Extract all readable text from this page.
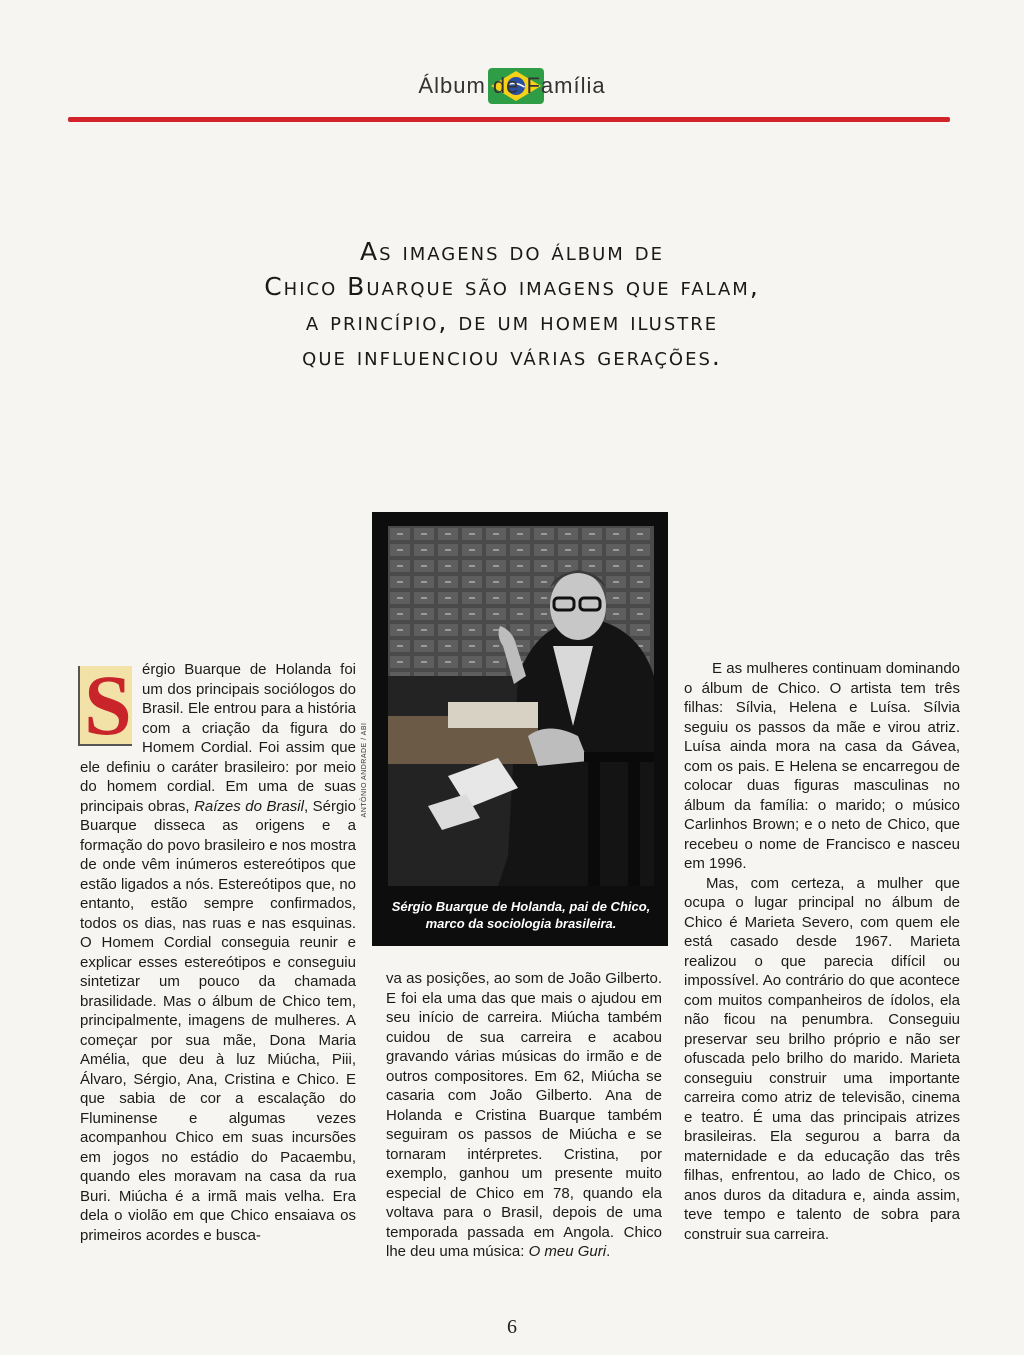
Álbum de Família
As imagens do álbum de
Chico Buarque são imagens que falam,
a princípio, de um homem ilustre
que influenciou várias gerações.
ANTÔNIO ANDRADE / ABI
Sérgio Buarque de Holanda, pai de Chico, marco da sociologia brasileira.

S érgio Buarque de Holanda foi um dos principais sociólogos do Brasil. Ele entrou para a história com a criação da figura do Homem Cordial. Foi assim que ele definiu o caráter brasileiro: por meio do homem cordial. Em uma de suas principais obras, Raízes do Brasil, Sérgio Buarque disseca as origens e a formação do povo brasileiro e nos mostra de onde vêm inúmeros estereótipos que estão ligados a nós. Estereótipos que, no entanto, estão sempre confirmados, todos os dias, nas ruas e nas esquinas. O Homem Cordial conseguia reunir e explicar esses estereótipos e conseguiu sintetizar um pouco da chamada brasilidade. Mas o álbum de Chico tem, principalmente, imagens de mulheres. A começar por sua mãe, Dona Maria Amélia, que deu à luz Miúcha, Piii, Álvaro, Sérgio, Ana, Cristina e Chico. E que sabia de cor a escalação do Fluminense e algumas vezes acompanhou Chico em suas incursões em jogos no estádio do Pacaembu, quando eles moravam na casa da rua Buri. Miúcha é a irmã mais velha. Era dela o violão em que Chico ensaiava os primeiros acordes e busca-

va as posições, ao som de João Gilberto. E foi ela uma das que mais o ajudou em seu início de carreira. Miúcha também cuidou de sua carreira e acabou gravando várias músicas do irmão e de outros compositores. Em 62, Miúcha se casaria com João Gilberto. Ana de Holanda e Cristina Buarque também seguiram os passos de Miúcha e se tornaram intérpretes. Cristina, por exemplo, ganhou um presente muito especial de Chico em 78, quando ela voltava para o Brasil, depois de uma temporada passada em Angola. Chico lhe deu uma música: O meu Guri.

E as mulheres continuam dominando o álbum de Chico. O artista tem três filhas: Sílvia, Helena e Luísa. Sílvia seguiu os passos da mãe e virou atriz. Luísa ainda mora na casa da Gávea, com os pais. E Helena se encarregou de colocar duas figuras masculinas no álbum da família: o marido; o músico Carlinhos Brown; e o neto de Chico, que recebeu o nome de Francisco e nasceu em 1996.

Mas, com certeza, a mulher que ocupa o lugar principal no álbum de Chico é Marieta Severo, com quem ele está casado desde 1967. Marieta realizou o que parecia difícil ou impossível. Ao contrário do que acontece com muitos companheiros de ídolos, ela não ficou na penumbra. Conseguiu preservar seu brilho próprio e não ser ofuscada pelo brilho do marido. Marieta conseguiu construir uma importante carreira como atriz de televisão, cinema e teatro. É uma das principais atrizes brasileiras. Ela segurou a barra da maternidade e da educação das três filhas, enfrentou, ao lado de Chico, os anos duros da ditadura e, ainda assim, teve tempo e talento de sobra para construir sua carreira.

6
